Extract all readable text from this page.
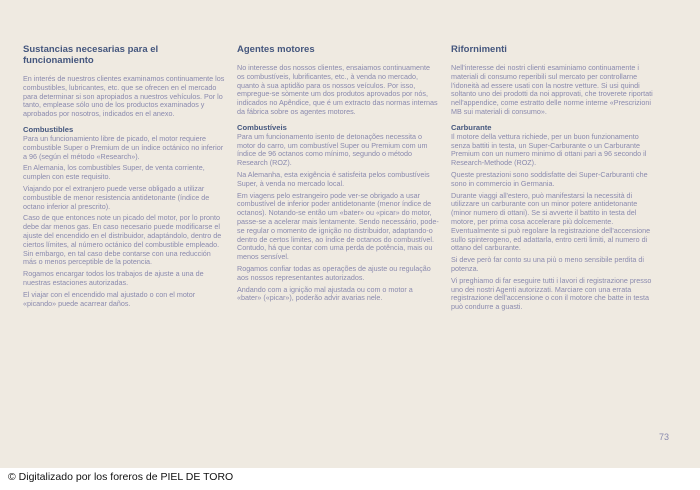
Sustancias necesarias para el funcionamiento

En interés de nuestros clientes examinamos continuamente los combustibles, lubricantes, etc. que se ofrecen en el mercado para determinar si son apropiados a nuestros vehículos. Por lo tanto, emplease sólo uno de los productos examinados y aprobados por nosotros, indicados en el anexo.

Combustibles

Para un funcionamiento libre de picado, el motor requiere combustible Super o Premium de un índice octánico no inferior a 96 (según el método «Research»).

En Alemania, los combustibles Super, de venta corriente, cumplen con este requisito.

Viajando por el extranjero puede verse obligado a utilizar combustible de menor resistencia antidetonante (índice de octano inferior al prescrito).

Caso de que entonces note un picado del motor, por lo pronto debe dar menos gas. En caso necesario puede modificarse el ajuste del encendido en el distribuidor, adaptándolo, dentro de ciertos límites, al número octánico del combustible empleado. Sin embargo, en tal caso debe contarse con una reducción más o menos perceptible de la potencia.

Rogamos encargar todos los trabajos de ajuste a una de nuestras estaciones autorizadas.

El viajar con el encendido mal ajustado o con el motor «picando» puede acarrear daños.

Agentes motores

No interesse dos nossos clientes, ensaiamos continuamente os combustíveis, lubrificantes, etc., à venda no mercado, quanto à sua aptidão para os nossos veículos. Por isso, empregue-se sòmente um dos produtos aprovados por nós, indicados no Apêndice, que é um extracto das normas internas da fábrica sobre os agentes motores.

Combustíveis

Para um funcionamento isento de detonações necessita o motor do carro, um combustível Super ou Premium com um índice de 96 octanos como mínimo, segundo o método Research (ROZ).

Na Alemanha, esta exigência é satisfeita pelos combustíveis Super, à venda no mercado local.

Em viagens pelo estrangeiro pode ver-se obrigado a usar combustível de inferior poder antidetonante (menor índice de octanos). Notando-se então um «bater» ou «picar» do motor, passe-se a acelerar mais lentamente. Sendo necessário, pode-se regular o momento de ignição no distribuidor, adaptando-o dentro de certos limites, ao índice de octanos do combustível. Contudo, há que contar com uma perda de potência, mais ou menos sensível.

Rogamos confiar todas as operações de ajuste ou regulação aos nossos representantes autorizados.

Andando com a ignição mal ajustada ou com o motor a «bater» («picar»), poderão advir avarias nele.

Rifornimenti

Nell'interesse dei nostri clienti esaminiamo continuamente i materiali di consumo reperibili sul mercato per controllarne l'idoneità ad essere usati con la nostre vetture. Si usi quindi soltanto uno dei prodotti da noi approvati, che troverete riportati nell'appendice, come estratto delle norme interne «Prescrizioni MB sui materiali di consumo».

Carburante

Il motore della vettura richiede, per un buon funzionamento senza battiti in testa, un Super-Carburante o un Carburante Premium con un numero minimo di ottani pari a 96 secondo il Research-Methode (ROZ).

Queste prestazioni sono soddisfatte dei Super-Carburanti che sono in commercio in Germania.

Durante viaggi all'estero, può manifestarsi la necessità di utilizzare un carburante con un minor potere antidetonante (minor numero di ottani). Se si avverte il battito in testa del motore, per prima cosa accelerare più dolcemente. Eventualmente si può regolare la registrazione dell'accensione sullo spinterogeno, ed adattarla, entro certi limiti, al numero di ottano del carburante.

Si deve però far conto su una più o meno sensibile perdita di potenza.

Vi preghiamo di far eseguire tutti i lavori di registrazione presso uno dei nostri Agenti autorizzati. Marciare con una errata registrazione dell'accensione o con il motore che batte in testa può condurre a guasti.

73
© Digitalizado por los foreros de PIEL DE TORO
